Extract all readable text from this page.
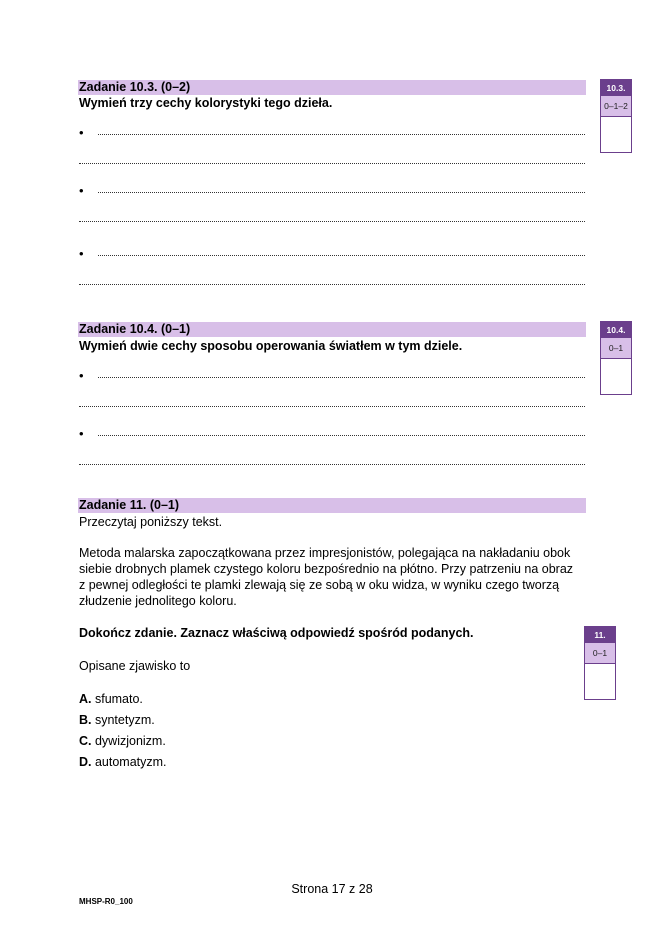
Zadanie 10.3. (0–2)
Wymień trzy cechy kolorystyki tego dzieła.
•
•
•
10.3.
0–1–2
Zadanie 10.4. (0–1)
Wymień dwie cechy sposobu operowania światłem w tym dziele.
•
•
10.4.
0–1
Zadanie 11. (0–1)
Przeczytaj poniższy tekst.
Metoda malarska zapoczątkowana przez impresjonistów, polegająca na nakładaniu obok
siebie drobnych plamek czystego koloru bezpośrednio na płótno. Przy patrzeniu na obraz
z pewnej odległości te plamki zlewają się ze sobą w oku widza, w wyniku czego tworzą
złudzenie jednolitego koloru.
Dokończ zdanie. Zaznacz właściwą odpowiedź spośród podanych.
Opisane zjawisko to
A. sfumato.
B. syntetyzm.
C. dywizjonizm.
D. automatyzm.
11.
0–1
Strona 17 z 28
MHSP-R0_100
